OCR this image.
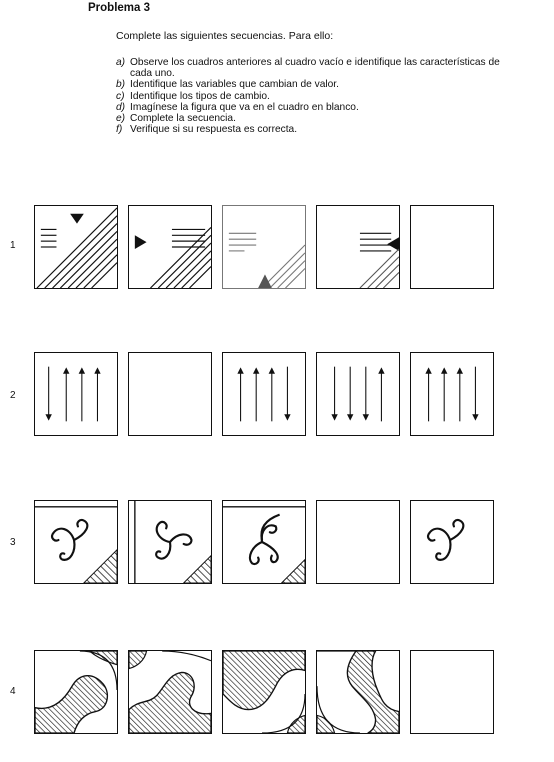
Problema 3
Complete las siguientes secuencias. Para ello:
a) Observe los cuadros anteriores al cuadro vacío e identifique las características de cada uno.
b) Identifique las variables que cambian de valor.
c) Identifique los tipos de cambio.
d) Imagínese la figura que va en el cuadro en blanco.
e) Complete la secuencia.
f) Verifique si su respuesta es correcta.
1
2
3
4
